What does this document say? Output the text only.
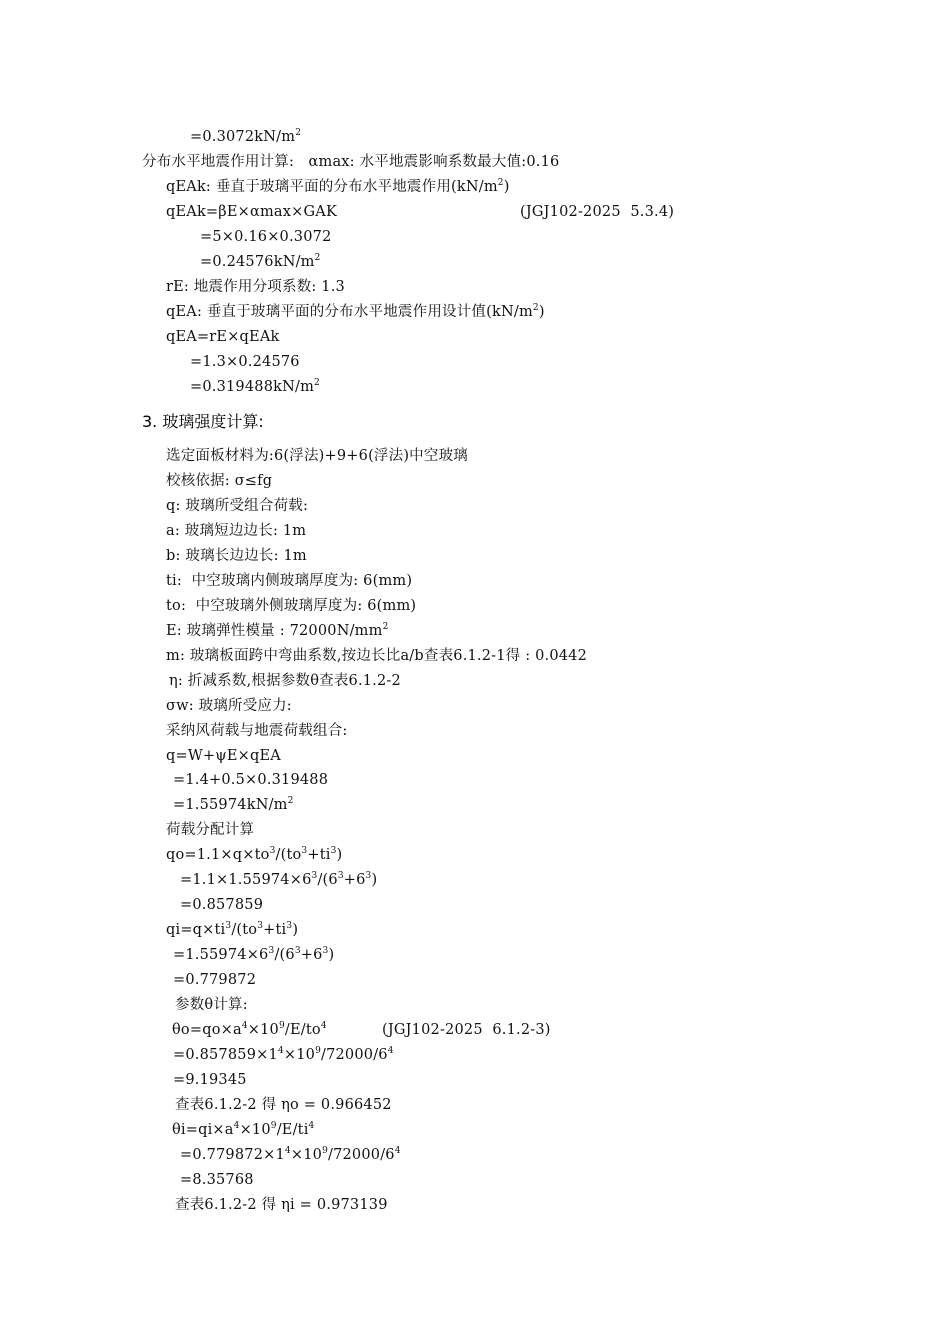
$=0.3072kN/m^2$
分布水平地震作用计算:   αmax: 水平地震影响系数最大值:0.16
qEAk: 垂直于玻璃平面的分布水平地震作用$(kN/m^2)$
qEAk=βE×αmax×GAK	(JGJ102-2025  5.3.4)
=5×0.16×0.3072
$=0.24576kN/m^2$
rE: 地震作用分项系数: 1.3
qEA: 垂直于玻璃平面的分布水平地震作用设计值$(kN/m^2)$
qEA=rE×qEAk
=1.3×0.24576
$=0.319488kN/m^2$
3. 玻璃强度计算:
选定面板材料为:6(浮法)+9+6(浮法)中空玻璃
校核依据: σ≤fg
q: 玻璃所受组合荷载:
a: 玻璃短边边长: 1m
b: 玻璃长边边长: 1m
ti:  中空玻璃内侧玻璃厚度为: 6(mm)
to:  中空玻璃外侧玻璃厚度为: 6(mm)
E: 玻璃弹性模量 : $72000N/mm^2$
m: 玻璃板面跨中弯曲系数,按边长比a/b查表6.1.2-1得 : 0.0442
η: 折减系数,根据参数θ查表6.1.2-2
σw: 玻璃所受应力:
采纳风荷载与地震荷载组合:
q=W+ψE×qEA
=1.4+0.5×0.319488
$=1.55974kN/m^2$
荷载分配计算
$qo=1.1\times q\times to^3/(to^3+ti^3)$
$=1.1\times 1.55974\times 6^3/(6^3+6^3)$
=0.857859
$qi=q\times ti^3/(to^3+ti^3)$
$=1.55974\times 6^3/(6^3+6^3)$
=0.779872
参数θ计算:
$\theta o=qo\times a^4\times 10^9/E/to^4$	(JGJ102-2025  6.1.2-3)
$=0.857859\times 1^4\times 10^9/72000/6^4$
=9.19345
查表6.1.2-2 得 ηo = 0.966452
$\theta i=qi\times a^4\times 10^9/E/ti^4$
$=0.779872\times 1^4\times 10^9/72000/6^4$
=8.35768
查表6.1.2-2 得 ηi = 0.973139
